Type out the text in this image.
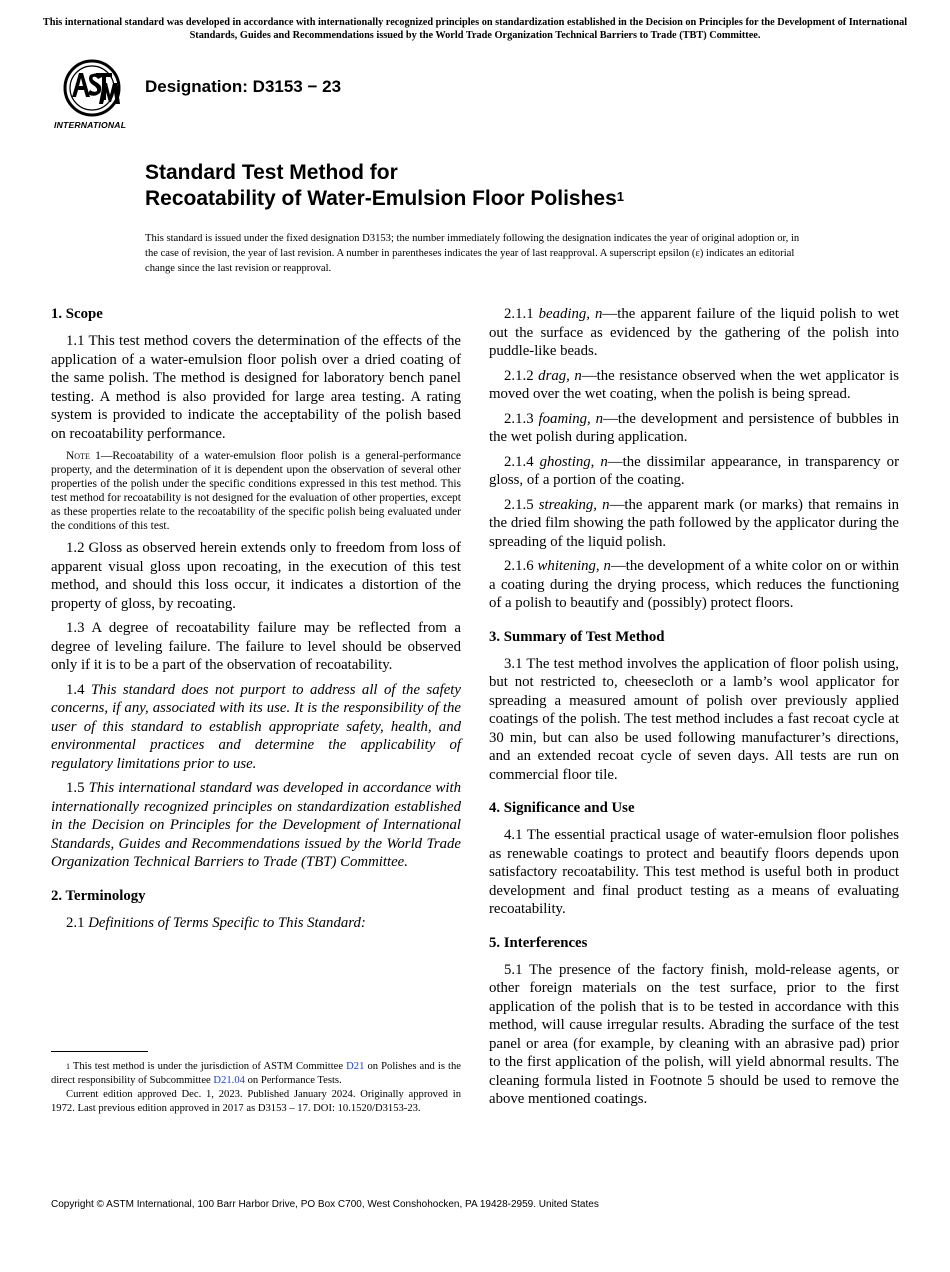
This international standard was developed in accordance with internationally recognized principles on standardization established in the Decision on Principles for the Development of International Standards, Guides and Recommendations issued by the World Trade Organization Technical Barriers to Trade (TBT) Committee.
INTERNATIONAL
Designation: D3153 − 23
Standard Test Method for
Recoatability of Water-Emulsion Floor Polishes$^1$
This standard is issued under the fixed designation D3153; the number immediately following the designation indicates the year of original adoption or, in the case of revision, the year of last revision. A number in parentheses indicates the year of last reapproval. A superscript epsilon (ε) indicates an editorial change since the last revision or reapproval.
1. Scope

1.1 This test method covers the determination of the effects of the application of a water-emulsion floor polish over a dried coating of the same polish. The method is designed for laboratory bench panel testing. A method is also provided for large area testing. A rating system is provided to indicate the acceptability of the polish based on recoatability performance.

Note 1—Recoatability of a water-emulsion floor polish is a general-performance property, and the determination of it is dependent upon the observation of several other properties of the polish under the specific conditions expressed in this test method. This test method for recoatability is not designed for the evaluation of other properties, except as these properties relate to the recoatability of the specific polish being evaluated under the conditions of this test.

1.2 Gloss as observed herein extends only to freedom from loss of apparent visual gloss upon recoating, in the execution of this test method, and should this loss occur, it indicates a distortion of the property of gloss, by recoating.

1.3 A degree of recoatability failure may be reflected from a degree of leveling failure. The failure to level should be observed only if it is to be a part of the observation of recoatability.

1.4 This standard does not purport to address all of the safety concerns, if any, associated with its use. It is the responsibility of the user of this standard to establish appropriate safety, health, and environmental practices and determine the applicability of regulatory limitations prior to use.

1.5 This international standard was developed in accordance with internationally recognized principles on standardization established in the Decision on Principles for the Development of International Standards, Guides and Recommendations issued by the World Trade Organization Technical Barriers to Trade (TBT) Committee.

2. Terminology

2.1 Definitions of Terms Specific to This Standard:

2.1.1 beading, n—the apparent failure of the liquid polish to wet out the surface as evidenced by the gathering of the polish into puddle-like beads.

2.1.2 drag, n—the resistance observed when the wet applicator is moved over the wet coating, when the polish is being spread.

2.1.3 foaming, n—the development and persistence of bubbles in the wet polish during application.

2.1.4 ghosting, n—the dissimilar appearance, in transparency or gloss, of a portion of the coating.

2.1.5 streaking, n—the apparent mark (or marks) that remains in the dried film showing the path followed by the applicator during the spreading of the liquid polish.

2.1.6 whitening, n—the development of a white color on or within a coating during the drying process, which reduces the functioning of a polish to beautify and (possibly) protect floors.

3. Summary of Test Method

3.1 The test method involves the application of floor polish using, but not restricted to, cheesecloth or a lamb’s wool applicator for spreading a measured amount of polish over previously applied coatings of the polish. The test method includes a fast recoat cycle at 30 min, but can also be used following manufacturer’s directions, and an extended recoat cycle of seven days. All tests are run on commercial floor tile.

4. Significance and Use

4.1 The essential practical usage of water-emulsion floor polishes as renewable coatings to protect and beautify floors depends upon satisfactory recoatability. This test method is useful both in product development and final product testing as a means of evaluating recoatability.

5. Interferences

5.1 The presence of the factory finish, mold-release agents, or other foreign materials on the test surface, prior to the first application of the polish that is to be tested in accordance with this method, will cause irregular results. Abrading the surface of the test panel or area (for example, by cleaning with an abrasive pad) prior to the first application of the polish, will yield abnormal results. The cleaning formula listed in Footnote 5 should be used to remove the above mentioned coatings.

$^1$ This test method is under the jurisdiction of ASTM Committee D21 on Polishes and is the direct responsibility of Subcommittee D21.04 on Performance Tests.

Current edition approved Dec. 1, 2023. Published January 2024. Originally approved in 1972. Last previous edition approved in 2017 as D3153 – 17. DOI: 10.1520/D3153-23.

Copyright © ASTM International, 100 Barr Harbor Drive, PO Box C700, West Conshohocken, PA 19428-2959. United States
